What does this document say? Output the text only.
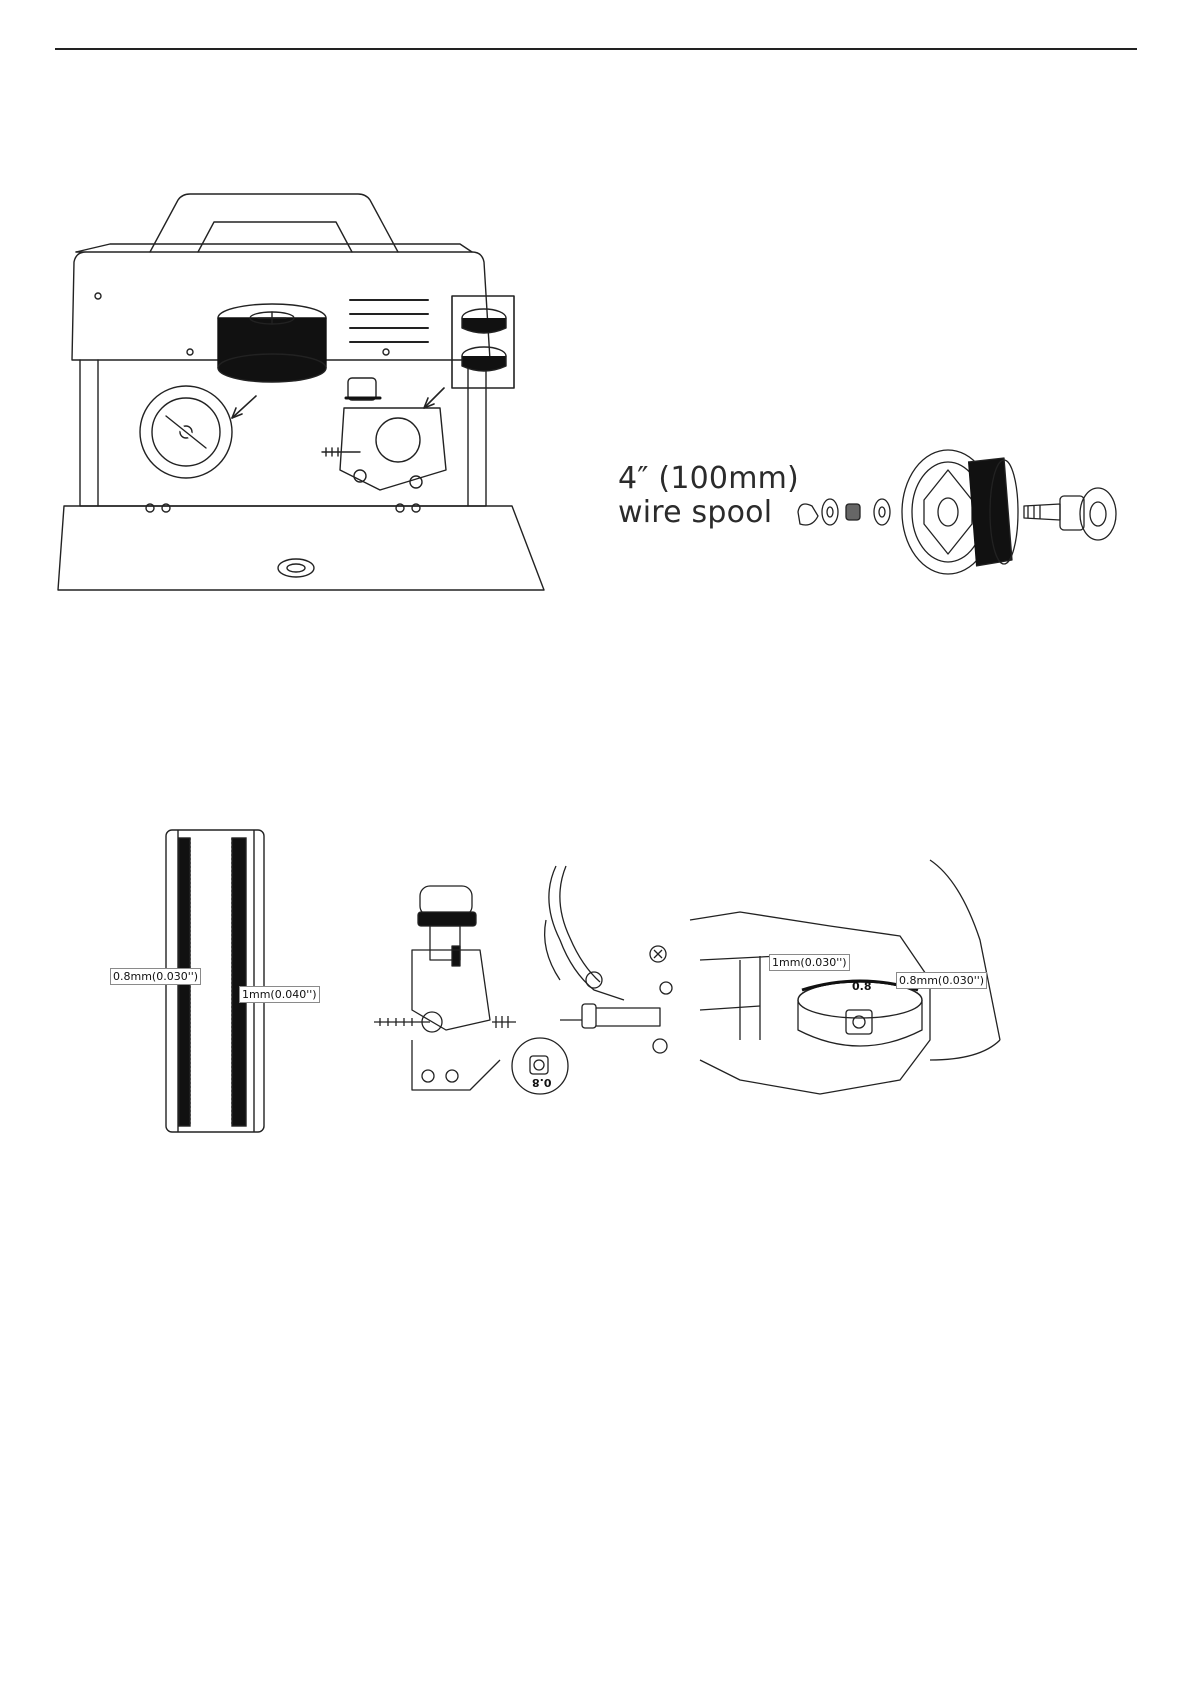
4″ (100mm)
wire spool
0.8mm(0.030'')
1mm(0.040'')
0.8
1mm(0.030'')
0.8	0.8mm(0.030'')
